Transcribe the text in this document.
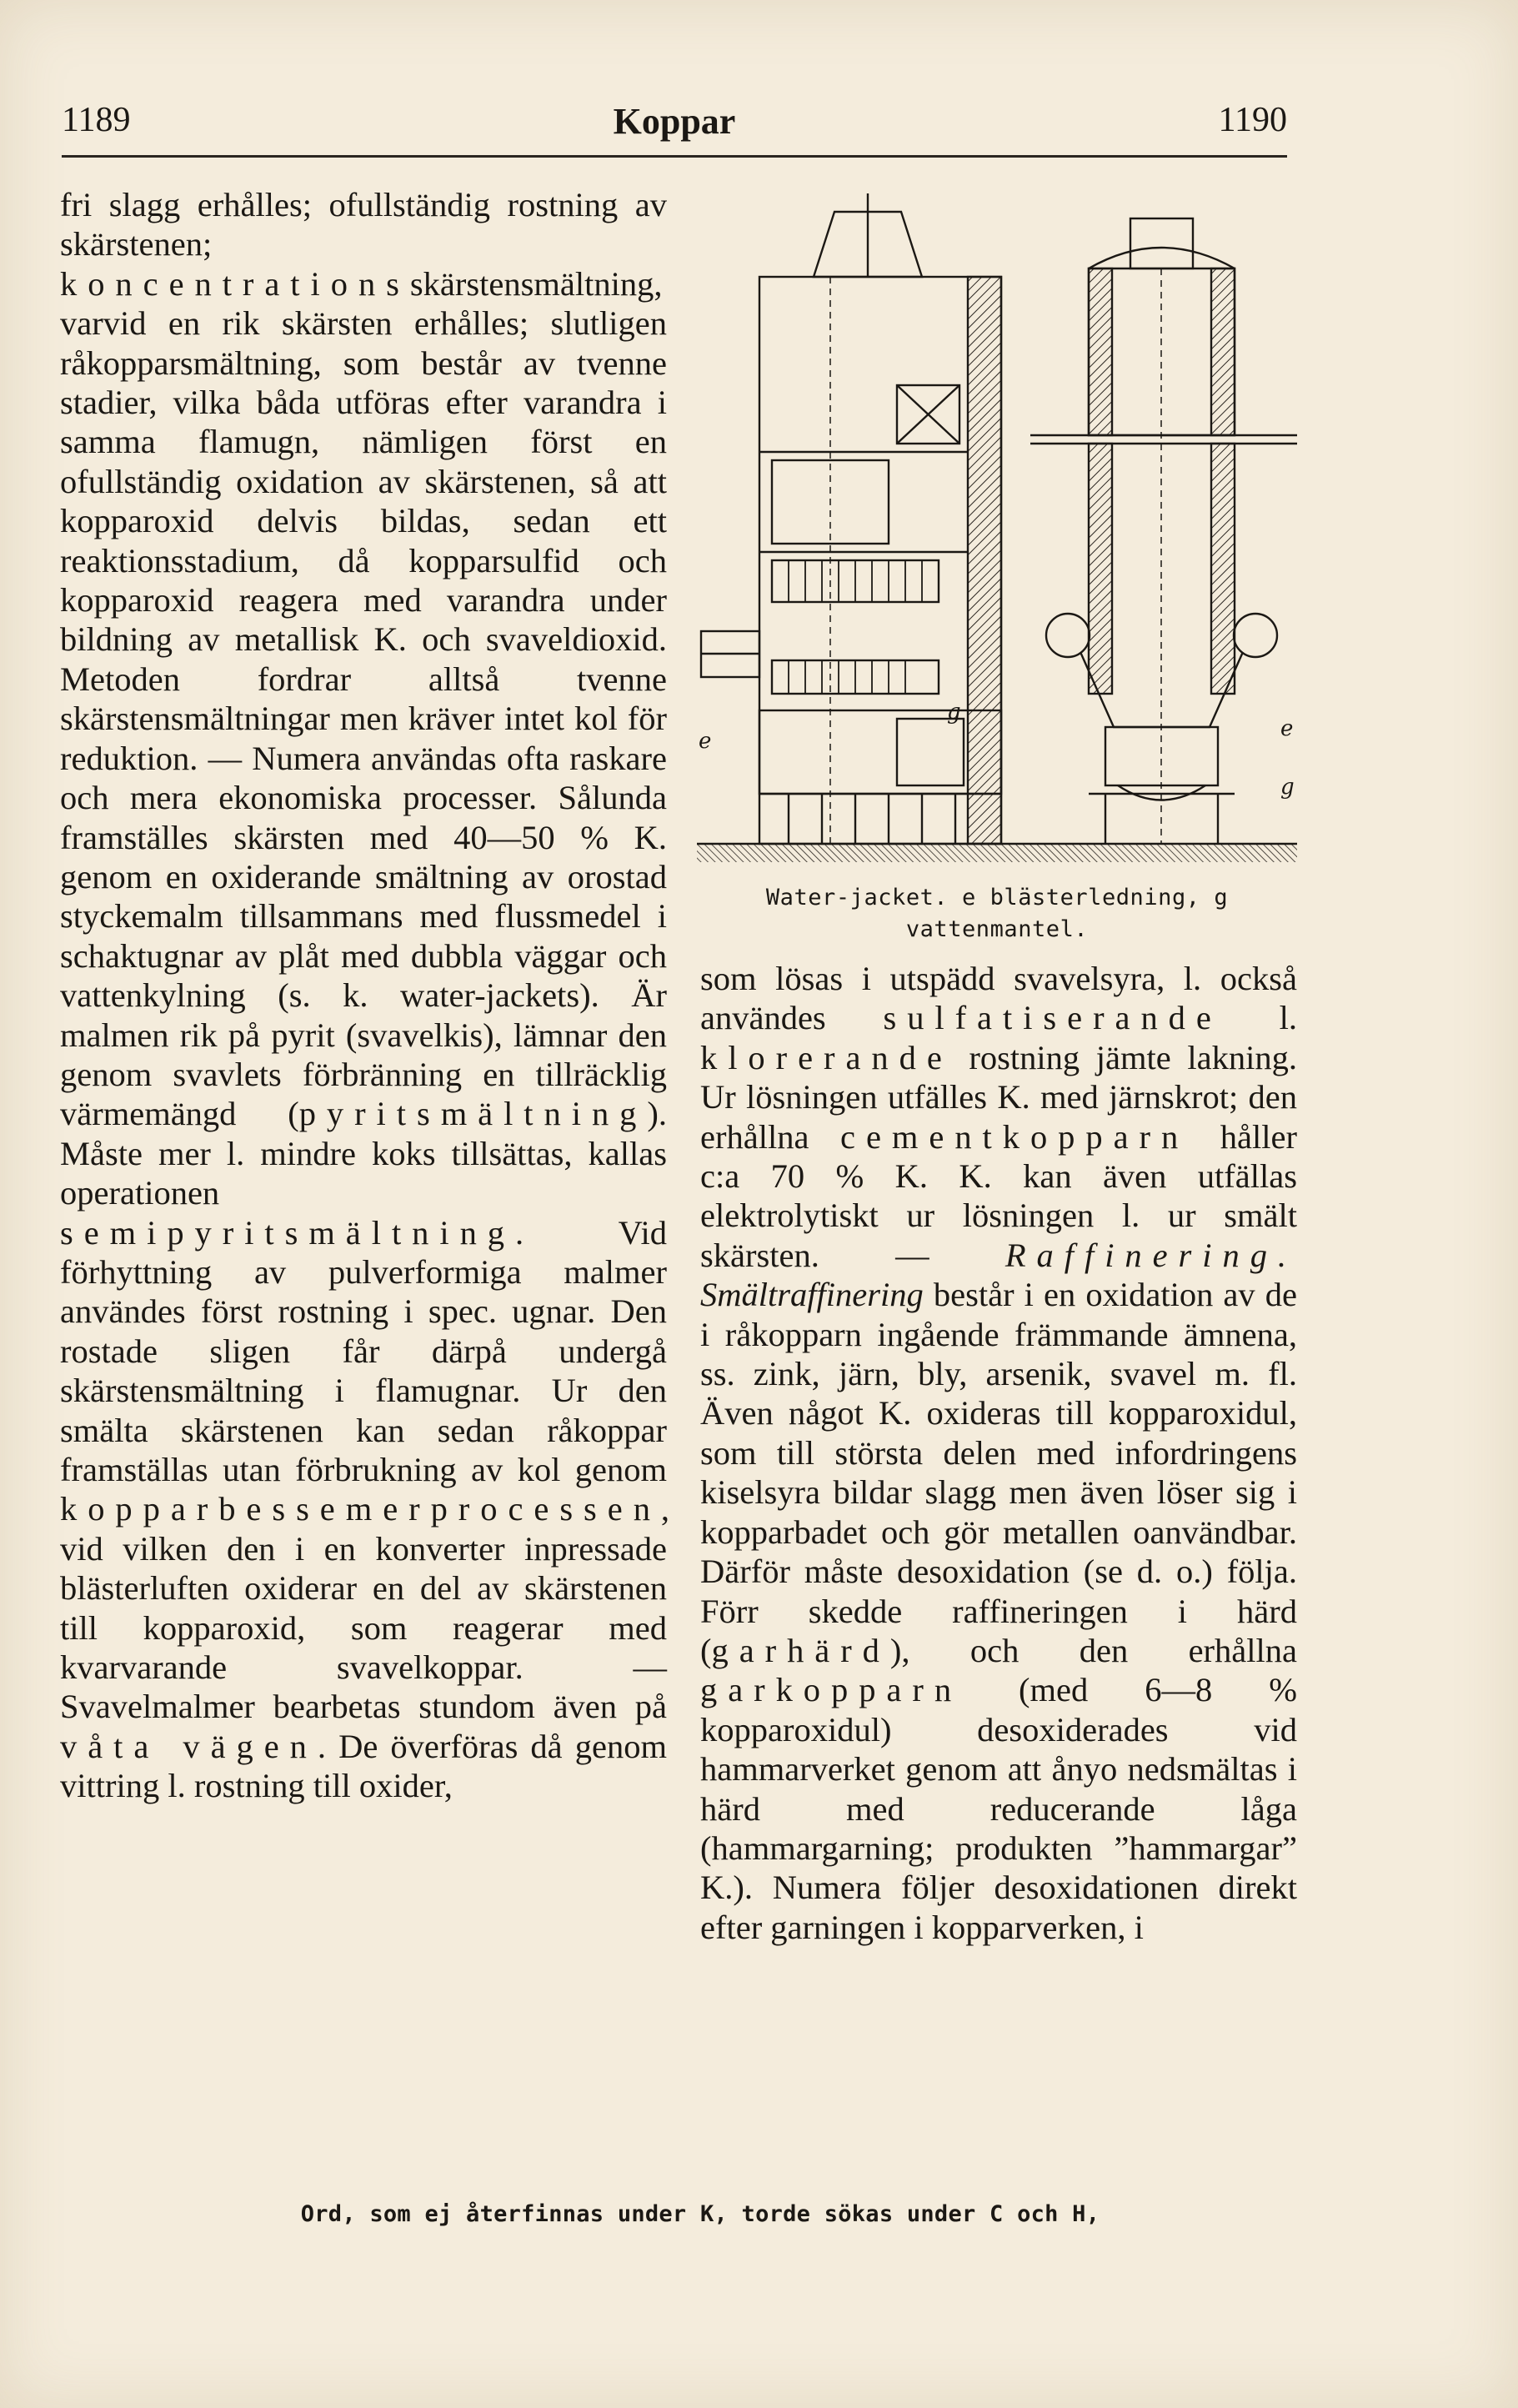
1189	Koppar	1190

fri slagg erhålles; ofullständig rostning av skärstenen; koncentrationsskärstensmältning, varvid en rik skärsten erhålles; slutligen råkopparsmältning, som består av tvenne stadier, vilka båda utföras efter varandra i samma flamugn, nämligen först en ofullständig oxidation av skärstenen, så att kopparoxid delvis bildas, sedan ett reaktionsstadium, då kopparsulfid och kopparoxid reagera med varandra under bildning av metallisk K. och svaveldioxid. Metoden fordrar alltså tvenne skärstensmältningar men kräver intet kol för reduktion. — Numera användas ofta raskare och mera ekonomiska processer. Sålunda framställes skärsten med 40—50 % K. genom en oxiderande smältning av orostad styckemalm tillsammans med flussmedel i schaktugnar av plåt med dubbla väggar och vattenkylning (s. k. water-jackets). Är malmen rik på pyrit (svavelkis), lämnar den genom svavlets förbränning en tillräcklig värmemängd (pyritsmältning). Måste mer l. mindre koks tillsättas, kallas operationen semipyritsmältning. Vid förhyttning av pulverformiga malmer användes först rostning i spec. ugnar. Den rostade sligen får därpå undergå skärstensmältning i flamugnar. Ur den smälta skärstenen kan sedan råkoppar framställas utan förbrukning av kol genom kopparbessemerprocessen, vid vilken den i en konverter inpressade blästerluften oxiderar en del av skärstenen till kopparoxid, som reagerar med kvarvarande svavelkoppar. — Svavelmalmer bearbetas stundom även på våta vägen. De överföras då genom vittring l. rostning till oxider,

e	e
g
g
Water-jacket. e blästerledning, g vattenmantel.

som lösas i utspädd svavelsyra, l. också användes sulfatiserande l. klorerande rostning jämte lakning. Ur lösningen utfälles K. med järnskrot; den erhållna cementkopparn håller c:a 70 % K. K. kan även utfällas elektrolytiskt ur lösningen l. ur smält skärsten. — Raffinering. Smältraffinering består i en oxidation av de i råkopparn ingående främmande ämnena, ss. zink, järn, bly, arsenik, svavel m. fl. Även något K. oxideras till kopparoxidul, som till största delen med infordringens kiselsyra bildar slagg men även löser sig i kopparbadet och gör metallen oanvändbar. Därför måste desoxidation (se d. o.) följa. Förr skedde raffineringen i härd (garhärd), och den erhållna garkopparn (med 6—8 % kopparoxidul) desoxiderades vid hammarverket genom att ånyo nedsmältas i härd med reducerande låga (hammargarning; produkten ”hammargar” K.). Numera följer desoxidationen direkt efter garningen i kopparverken, i

Ord, som ej återfinnas under K, torde sökas under C och H,
